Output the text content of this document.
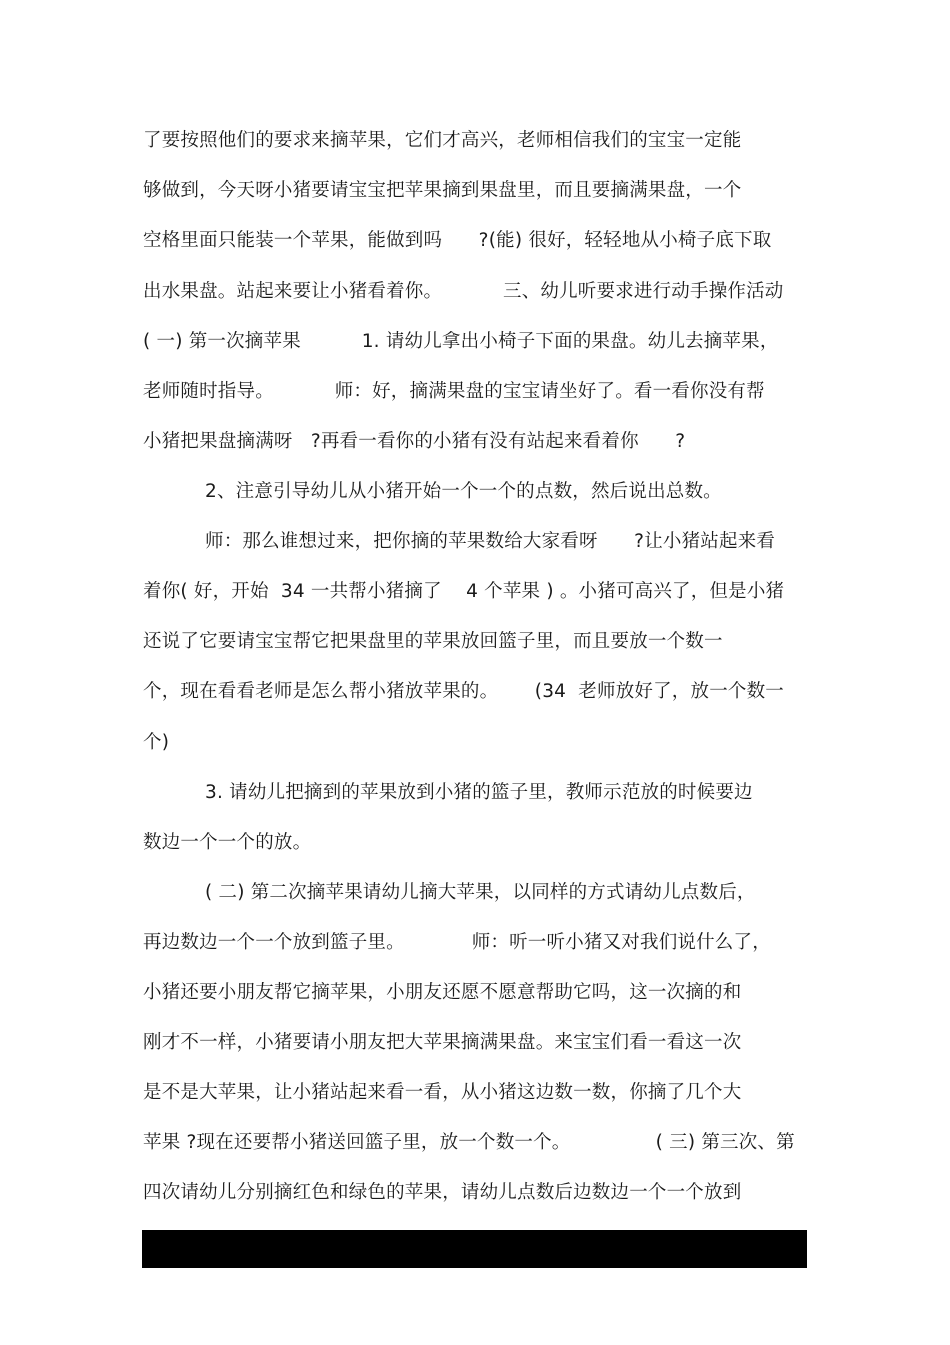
了要按照他们的要求来摘苹果，它们才高兴，老师相信我们的宝宝一定能
够做到，今天呀小猪要请宝宝把苹果摘到果盘里，而且要摘满果盘，一个
空格里面只能装一个苹果，能做到吗      ?(能) 很好，轻轻地从小椅子底下取
出水果盘。站起来要让小猪看着你。          三、幼儿听要求进行动手操作活动
( 一) 第一次摘苹果          1. 请幼儿拿出小椅子下面的果盘。幼儿去摘苹果，
老师随时指导。          师：好，摘满果盘的宝宝请坐好了。看一看你没有帮
小猪把果盘摘满呀   ?再看一看你的小猪有没有站起来看着你      ?
2、注意引导幼儿从小猪开始一个一个的点数，然后说出总数。
师：那么谁想过来，把你摘的苹果数给大家看呀      ?让小猪站起来看
着你( 好，开始  34 一共帮小猪摘了    4 个苹果 ) 。小猪可高兴了，但是小猪
还说了它要请宝宝帮它把果盘里的苹果放回篮子里，而且要放一个数一
个，现在看看老师是怎么帮小猪放苹果的。      (34  老师放好了，放一个数一
个)
3. 请幼儿把摘到的苹果放到小猪的篮子里，教师示范放的时候要边
数边一个一个的放。
( 二) 第二次摘苹果请幼儿摘大苹果，以同样的方式请幼儿点数后，
再边数边一个一个放到篮子里。           师：听一听小猪又对我们说什么了，
小猪还要小朋友帮它摘苹果，小朋友还愿不愿意帮助它吗，这一次摘的和
刚才不一样，小猪要请小朋友把大苹果摘满果盘。来宝宝们看一看这一次
是不是大苹果，让小猪站起来看一看，从小猪这边数一数，你摘了几个大
苹果 ?现在还要帮小猪送回篮子里，放一个数一个。              ( 三) 第三次、第
四次请幼儿分别摘红色和绿色的苹果，请幼儿点数后边数边一个一个放到
